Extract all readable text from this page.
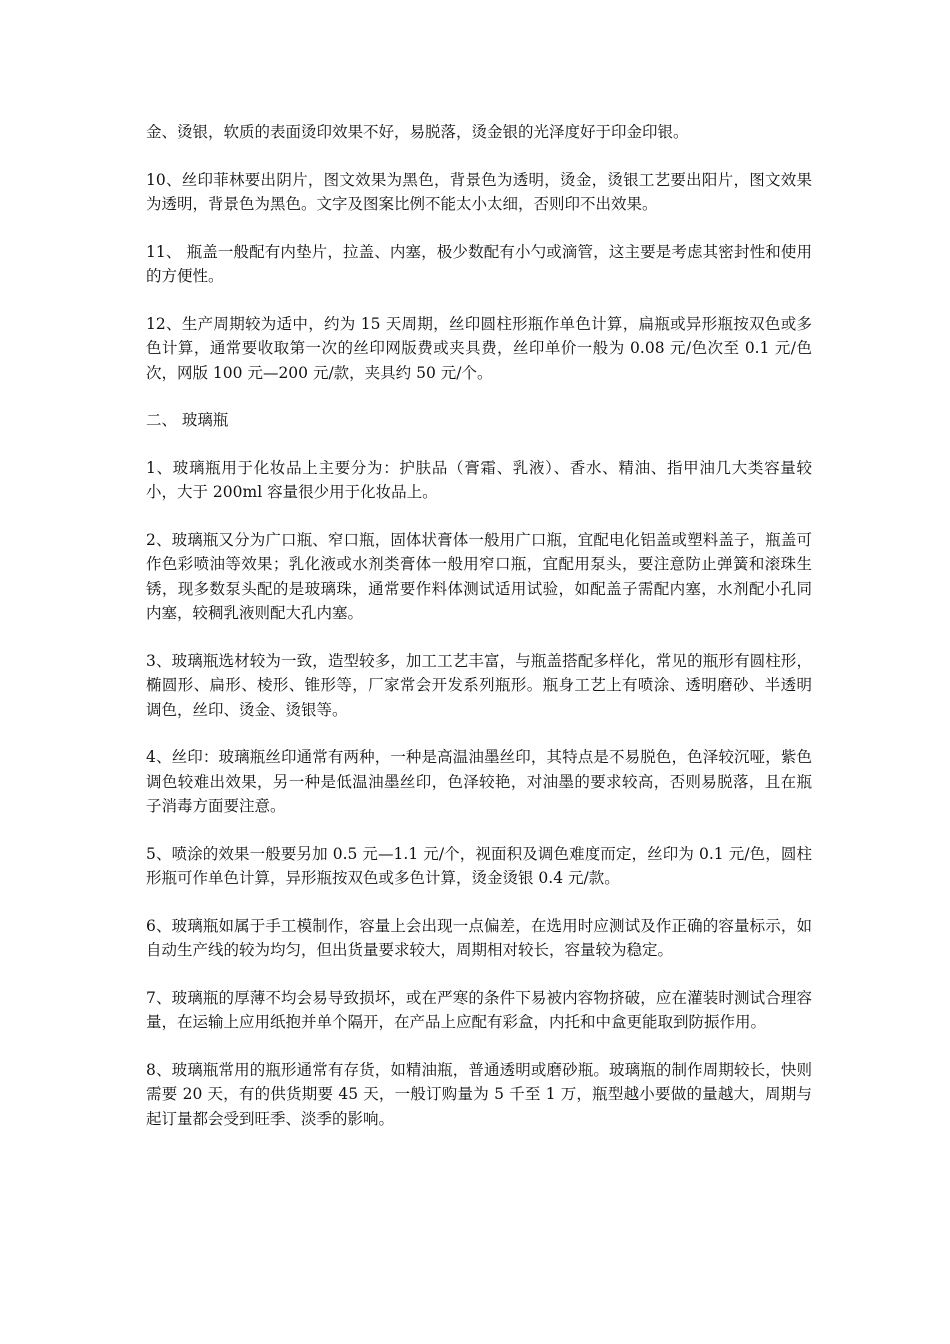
金、烫银，软质的表面烫印效果不好，易脱落，烫金银的光泽度好于印金印银。

10、丝印菲林要出阴片，图文效果为黑色，背景色为透明，烫金，烫银工艺要出阳片，图文效果为透明，背景色为黑色。文字及图案比例不能太小太细，否则印不出效果。

11、 瓶盖一般配有内垫片，拉盖、内塞，极少数配有小勺或滴管，这主要是考虑其密封性和使用的方便性。

12、生产周期较为适中，约为 15 天周期，丝印圆柱形瓶作单色计算，扁瓶或异形瓶按双色或多色计算，通常要收取第一次的丝印网版费或夹具费，丝印单价一般为 0.08 元/色次至 0.1 元/色次，网版 100 元—200 元/款，夹具约 50 元/个。

二、 玻璃瓶

1、玻璃瓶用于化妆品上主要分为：护肤品（膏霜、乳液）、香水、精油、指甲油几大类容量较小，大于 200ml 容量很少用于化妆品上。

2、玻璃瓶又分为广口瓶、窄口瓶，固体状膏体一般用广口瓶，宜配电化铝盖或塑料盖子，瓶盖可作色彩喷油等效果；乳化液或水剂类膏体一般用窄口瓶，宜配用泵头，要注意防止弹簧和滚珠生锈，现多数泵头配的是玻璃珠，通常要作料体测试适用试验，如配盖子需配内塞，水剂配小孔同内塞，较稠乳液则配大孔内塞。

3、玻璃瓶选材较为一致，造型较多，加工工艺丰富，与瓶盖搭配多样化，常见的瓶形有圆柱形，椭圆形、扁形、棱形、锥形等，厂家常会开发系列瓶形。瓶身工艺上有喷涂、透明磨砂、半透明调色，丝印、烫金、烫银等。

4、丝印：玻璃瓶丝印通常有两种，一种是高温油墨丝印，其特点是不易脱色，色泽较沉哑，紫色调色较难出效果，另一种是低温油墨丝印，色泽较艳，对油墨的要求较高，否则易脱落，且在瓶子消毒方面要注意。

5、喷涂的效果一般要另加 0.5 元—1.1 元/个，视面积及调色难度而定，丝印为 0.1 元/色，圆柱形瓶可作单色计算，异形瓶按双色或多色计算，烫金烫银 0.4 元/款。

6、玻璃瓶如属于手工模制作，容量上会出现一点偏差，在选用时应测试及作正确的容量标示，如自动生产线的较为均匀，但出货量要求较大，周期相对较长，容量较为稳定。

7、玻璃瓶的厚薄不均会易导致损坏，或在严寒的条件下易被内容物挤破，应在灌装时测试合理容量，在运输上应用纸抱并单个隔开，在产品上应配有彩盒，内托和中盒更能取到防振作用。

8、玻璃瓶常用的瓶形通常有存货，如精油瓶，普通透明或磨砂瓶。玻璃瓶的制作周期较长，快则需要 20 天，有的供货期要 45 天，一般订购量为 5 千至 1 万，瓶型越小要做的量越大，周期与起订量都会受到旺季、淡季的影响。
